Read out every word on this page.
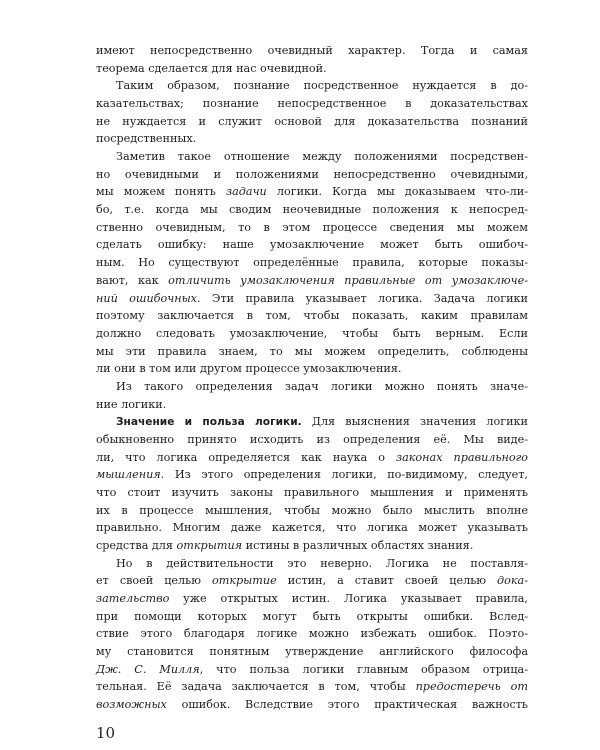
имеют непосредственно очевидный характер. Тогда и самая
теорема сделается для нас очевидной.
Таким образом, познание посредственное нуждается в до-
казательствах; познание непосредственное в доказательствах
не нуждается и служит основой для доказательства познаний
посредственных.
Заметив такое отношение между положениями посредствен-
но очевидными и положениями непосредственно очевидными,
мы можем понять задачи логики. Когда мы доказываем что-ли-
бо, т.е. когда мы сводим неочевидные положения к непосред-
ственно очевидным, то в этом процессе сведения мы можем
сделать ошибку: наше умозаключение может быть ошибоч-
ным. Но существуют определённые правила, которые показы-
вают, как отличить умозаключения правильные от умозаключе-
ний ошибочных. Эти правила указывает логика. Задача логики
поэтому заключается в том, чтобы показать, каким правилам
должно следовать умозаключение, чтобы быть верным. Если
мы эти правила знаем, то мы можем определить, соблюдены
ли они в том или другом процессе умозаключения.
Из такого определения задач логики можно понять значе-
ние логики.
Значение и польза логики. Для выяснения значения логики
обыкновенно принято исходить из определения её. Мы виде-
ли, что логика определяется как наука о законах правильного
мышления. Из этого определения логики, по-видимому, следует,
что стоит изучить законы правильного мышления и применять
их в процессе мышления, чтобы можно было мыслить вполне
правильно. Многим даже кажется, что логика может указывать
средства для открытия истины в различных областях знания.
Но в действительности это неверно. Логика не поставля-
ет своей целью открытие истин, а ставит своей целью дока-
зательство уже открытых истин. Логика указывает правила,
10
при помощи которых могут быть открыты ошибки. Вслед-
ствие этого благодаря логике можно избежать ошибок. Поэто-
му становится понятным утверждение английского философа
Дж. С. Милля, что польза логики главным образом отрица-
тельная. Её задача заключается в том, чтобы предостеречь от
возможных ошибок. Вследствие этого практическая важность
